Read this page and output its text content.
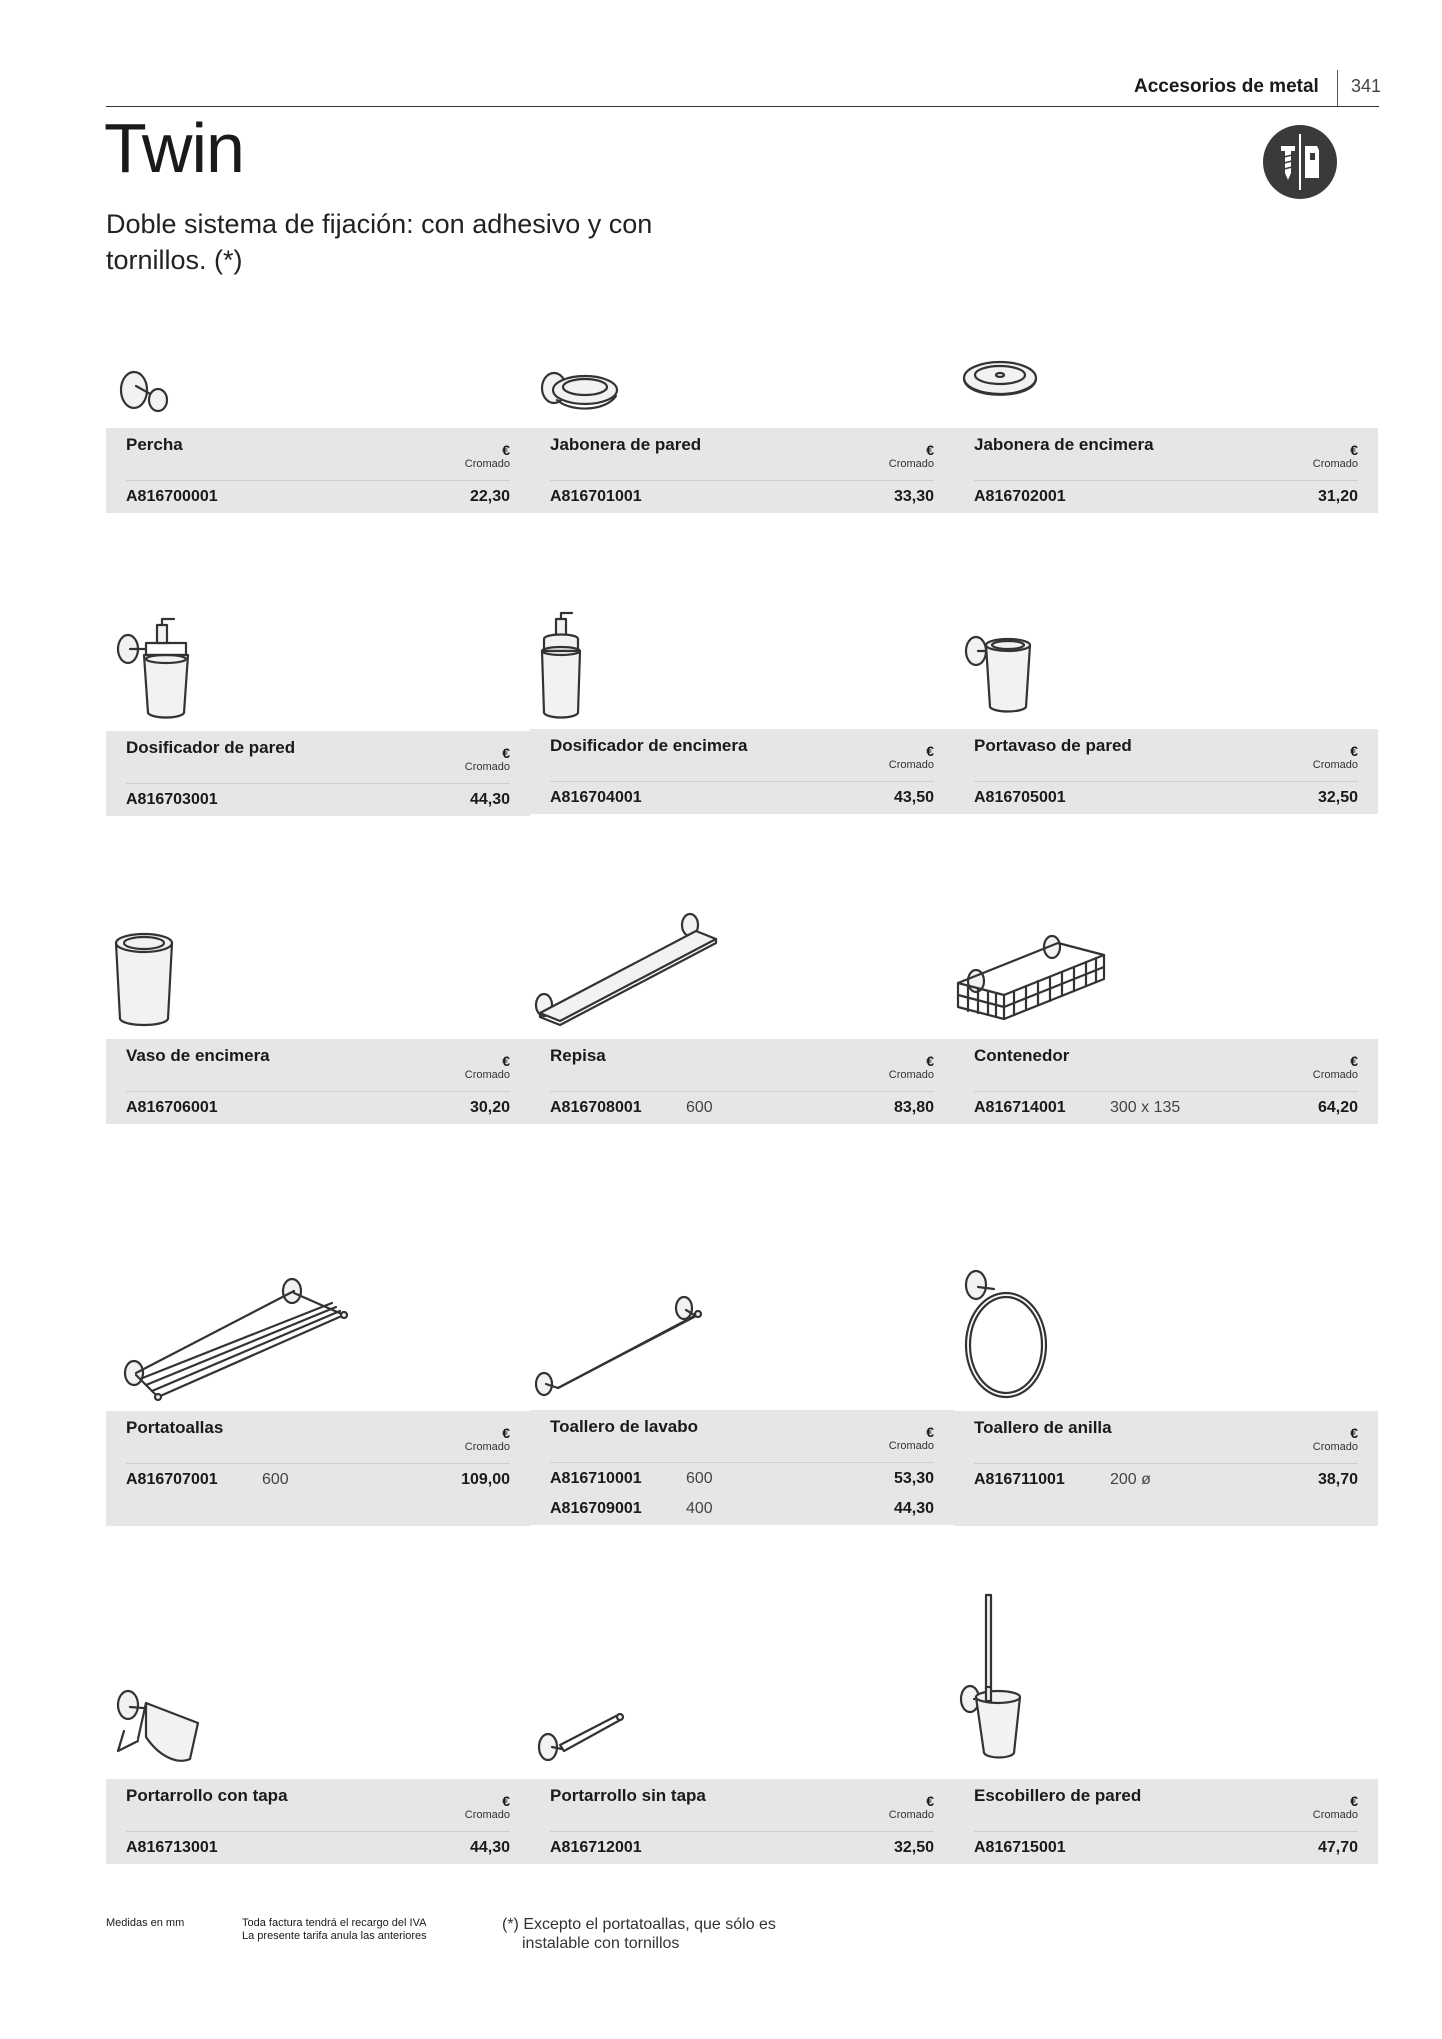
Accesorios de metal 341
Twin
Doble sistema de fijación: con adhesivo y con tornillos. (*)
Percha	€
Cromado
A816700001	22,30
Jabonera de pared	€
Cromado
A816701001	33,30
Jabonera de encimera	€
Cromado
A816702001	31,20
Dosificador de pared	€
Cromado
A816703001	44,30
Dosificador de encimera	€
Cromado
A816704001	43,50
Portavaso de pared	€
Cromado
A816705001	32,50
Vaso de encimera	€
Cromado
A816706001	30,20
Repisa	€
Cromado
A816708001	600	83,80
Contenedor	€
Cromado
A816714001	300 x 135	64,20
Portatoallas	€
Cromado
A816707001	600	109,00
Toallero de lavabo	€
Cromado
A816710001	600	53,30
A816709001	400	44,30
Toallero de anilla	€
Cromado
A816711001	200 ø	38,70
Portarrollo con tapa	€
Cromado
A816713001	44,30
Portarrollo sin tapa	€
Cromado
A816712001	32,50
Escobillero de pared	€
Cromado
A816715001	47,70
Medidas en mm	Toda factura tendrá el recargo del IVA
La presente tarifa anula las anteriores
(*) Excepto el portatoallas, que sólo es
instalable con tornillos
